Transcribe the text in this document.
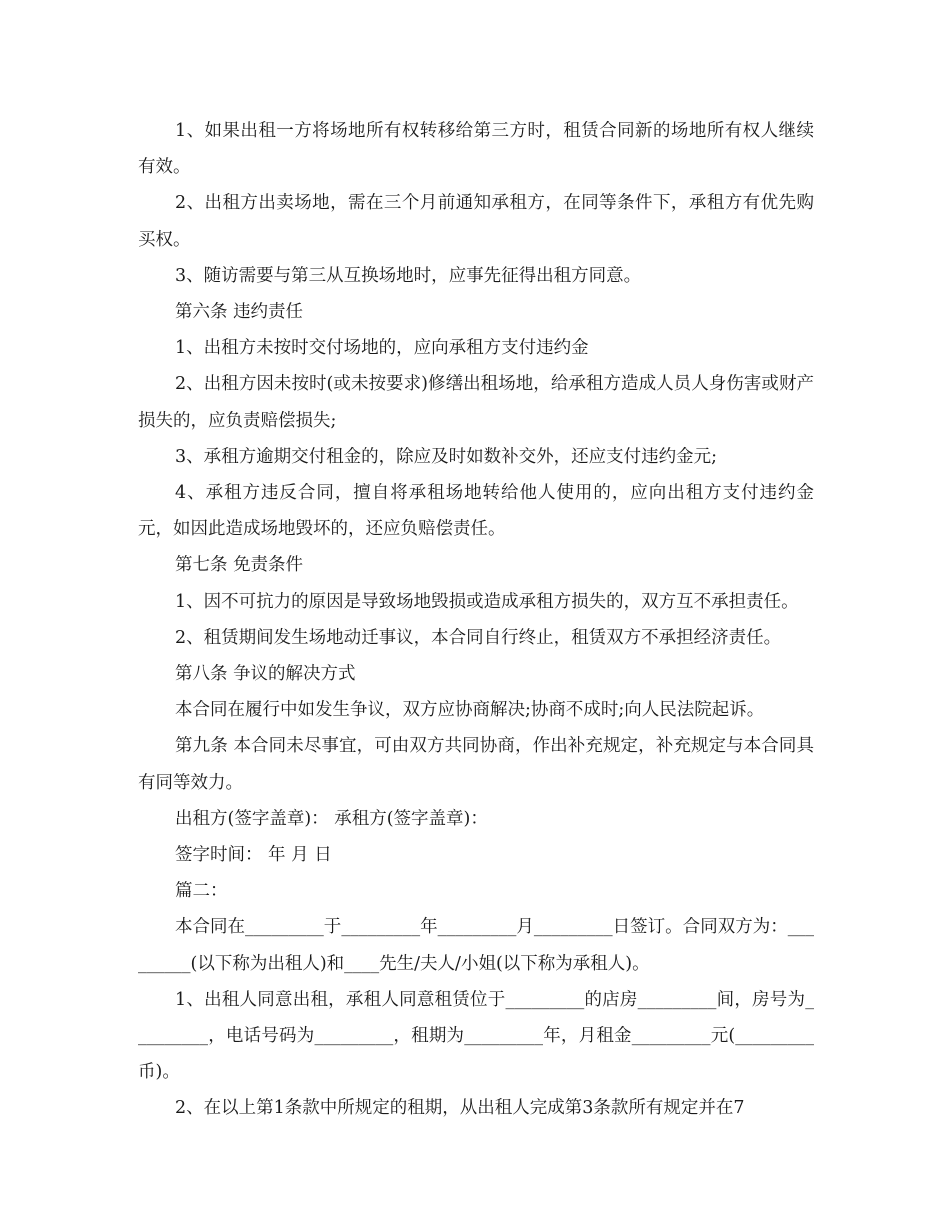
1、如果出租一方将场地所有权转移给第三方时，租赁合同新的场地所有权人继续有效。

2、出租方出卖场地，需在三个月前通知承租方，在同等条件下，承租方有优先购买权。

3、随访需要与第三从互换场地时，应事先征得出租方同意。

第六条 违约责任

1、出租方未按时交付场地的，应向承租方支付违约金

2、出租方因未按时(或未按要求)修缮出租场地，给承租方造成人员人身伤害或财产损失的，应负责赔偿损失;

3、承租方逾期交付租金的，除应及时如数补交外，还应支付违约金元;

4、承租方违反合同，擅自将承租场地转给他人使用的，应向出租方支付违约金元，如因此造成场地毁坏的，还应负赔偿责任。

第七条 免责条件

1、因不可抗力的原因是导致场地毁损或造成承租方损失的，双方互不承担责任。

2、租赁期间发生场地动迁事议，本合同自行终止，租赁双方不承担经济责任。

第八条 争议的解决方式

本合同在履行中如发生争议，双方应协商解决;协商不成时;向人民法院起诉。

第九条 本合同未尽事宜，可由双方共同协商，作出补充规定，补充规定与本合同具有同等效力。

出租方(签字盖章)： 承租方(签字盖章)：

签字时间： 年 月 日

篇二：

本合同在_________于_________年_________月_________日签订。合同双方为：_________(以下称为出租人)和____先生/夫人/小姐(以下称为承租人)。

1、出租人同意出租，承租人同意租赁位于_________的店房_________间，房号为_________，电话号码为_________，租期为_________年，月租金_________元(_________币)。

2、在以上第1条款中所规定的租期，从出租人完成第3条款所有规定并在7
